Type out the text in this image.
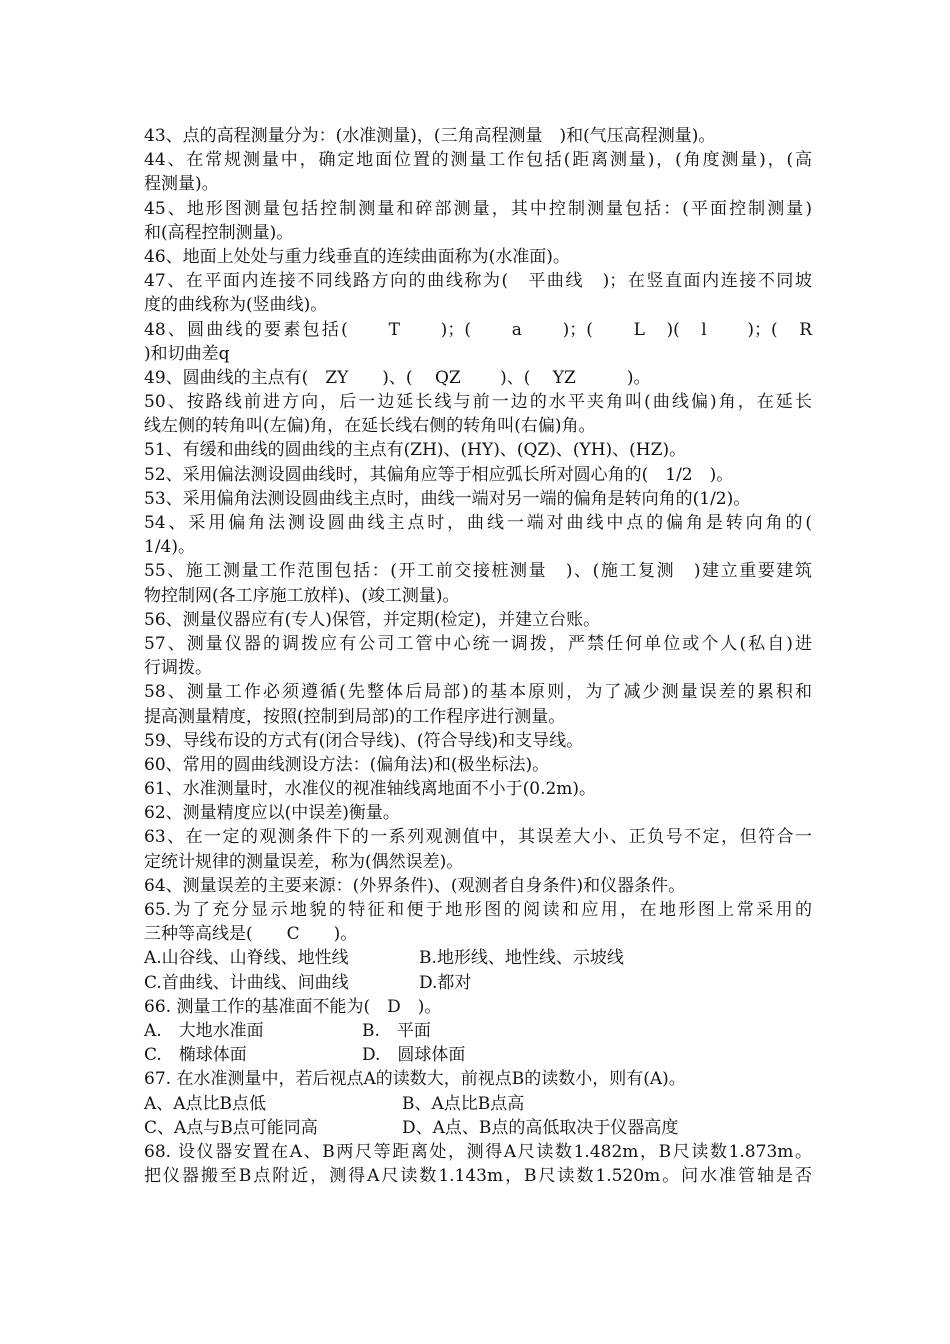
43、点的高程测量分为：(水准测量)，(三角高程测量　)和(气压高程测量)。
44、在常规测量中，确定地面位置的测量工作包括(距离测量)，(角度测量)，(高
程测量)。
45、地形图测量包括控制测量和碎部测量，其中控制测量包括：(平面控制测量)
和(高程控制测量)。
46、地面上处处与重力线垂直的连续曲面称为(水准面)。
47、在平面内连接不同线路方向的曲线称为(　平曲线　)；在竖直面内连接不同坡
度的曲线称为(竖曲线)。
48、圆曲线的要素包括(　　T　　)；(　　a　　)；(　　L　)(　l　　)；(　R
)和切曲差q
49、圆曲线的主点有(　ZY　　)、(　 QZ　　 )、(　 YZ　　　)。
50、按路线前进方向，后一边延长线与前一边的水平夹角叫(曲线偏)角，在延长
线左侧的转角叫(左偏)角，在延长线右侧的转角叫(右偏)角。
51、有缓和曲线的圆曲线的主点有(ZH)、(HY)、(QZ)、(YH)、(HZ)。
52、采用偏法测设圆曲线时，其偏角应等于相应弧长所对圆心角的(　1/2　)。
53、采用偏角法测设圆曲线主点时，曲线一端对另一端的偏角是转向角的(1/2)。
54、采用偏角法测设圆曲线主点时，曲线一端对曲线中点的偏角是转向角的(
1/4)。
55、施工测量工作范围包括：(开工前交接桩测量　)、(施工复测　)建立重要建筑
物控制网(各工序施工放样)、(竣工测量)。
56、测量仪器应有(专人)保管，并定期(检定)，并建立台账。
57、测量仪器的调拨应有公司工管中心统一调拨，严禁任何单位或个人(私自)进
行调拨。
58、测量工作必须遵循(先整体后局部)的基本原则，为了减少测量误差的累积和
提高测量精度，按照(控制到局部)的工作程序进行测量。
59、导线布设的方式有(闭合导线)、(符合导线)和支导线。
60、常用的圆曲线测设方法：(偏角法)和(极坐标法)。
61、水准测量时，水准仪的视准轴线离地面不小于(0.2m)。
62、测量精度应以(中误差)衡量。
63、在一定的观测条件下的一系列观测值中，其误差大小、正负号不定，但符合一
定统计规律的测量误差，称为(偶然误差)。
64、测量误差的主要来源：(外界条件)、(观测者自身条件)和仪器条件。
65.为了充分显示地貌的特征和便于地形图的阅读和应用，在地形图上常采用的
三种等高线是(　　C　　)。
A.山谷线、山脊线、地性线	B.地形线、地性线、示坡线
C.首曲线、计曲线、间曲线	D.都对
66. 测量工作的基准面不能为(　D　)。
A.　大地水准面	B.　平面
C.　椭球体面	D.　圆球体面
67. 在水准测量中，若后视点A的读数大，前视点B的读数小，则有(A)。
A、A点比B点低	B、A点比B点高
C、A点与B点可能同高	D、A点、B点的高低取决于仪器高度
68. 设仪器安置在A、B两尺等距离处，测得A尺读数1.482m，B尺读数1.873m。
把仪器搬至B点附近，测得A尺读数1.143m，B尺读数1.520m。问水准管轴是否
